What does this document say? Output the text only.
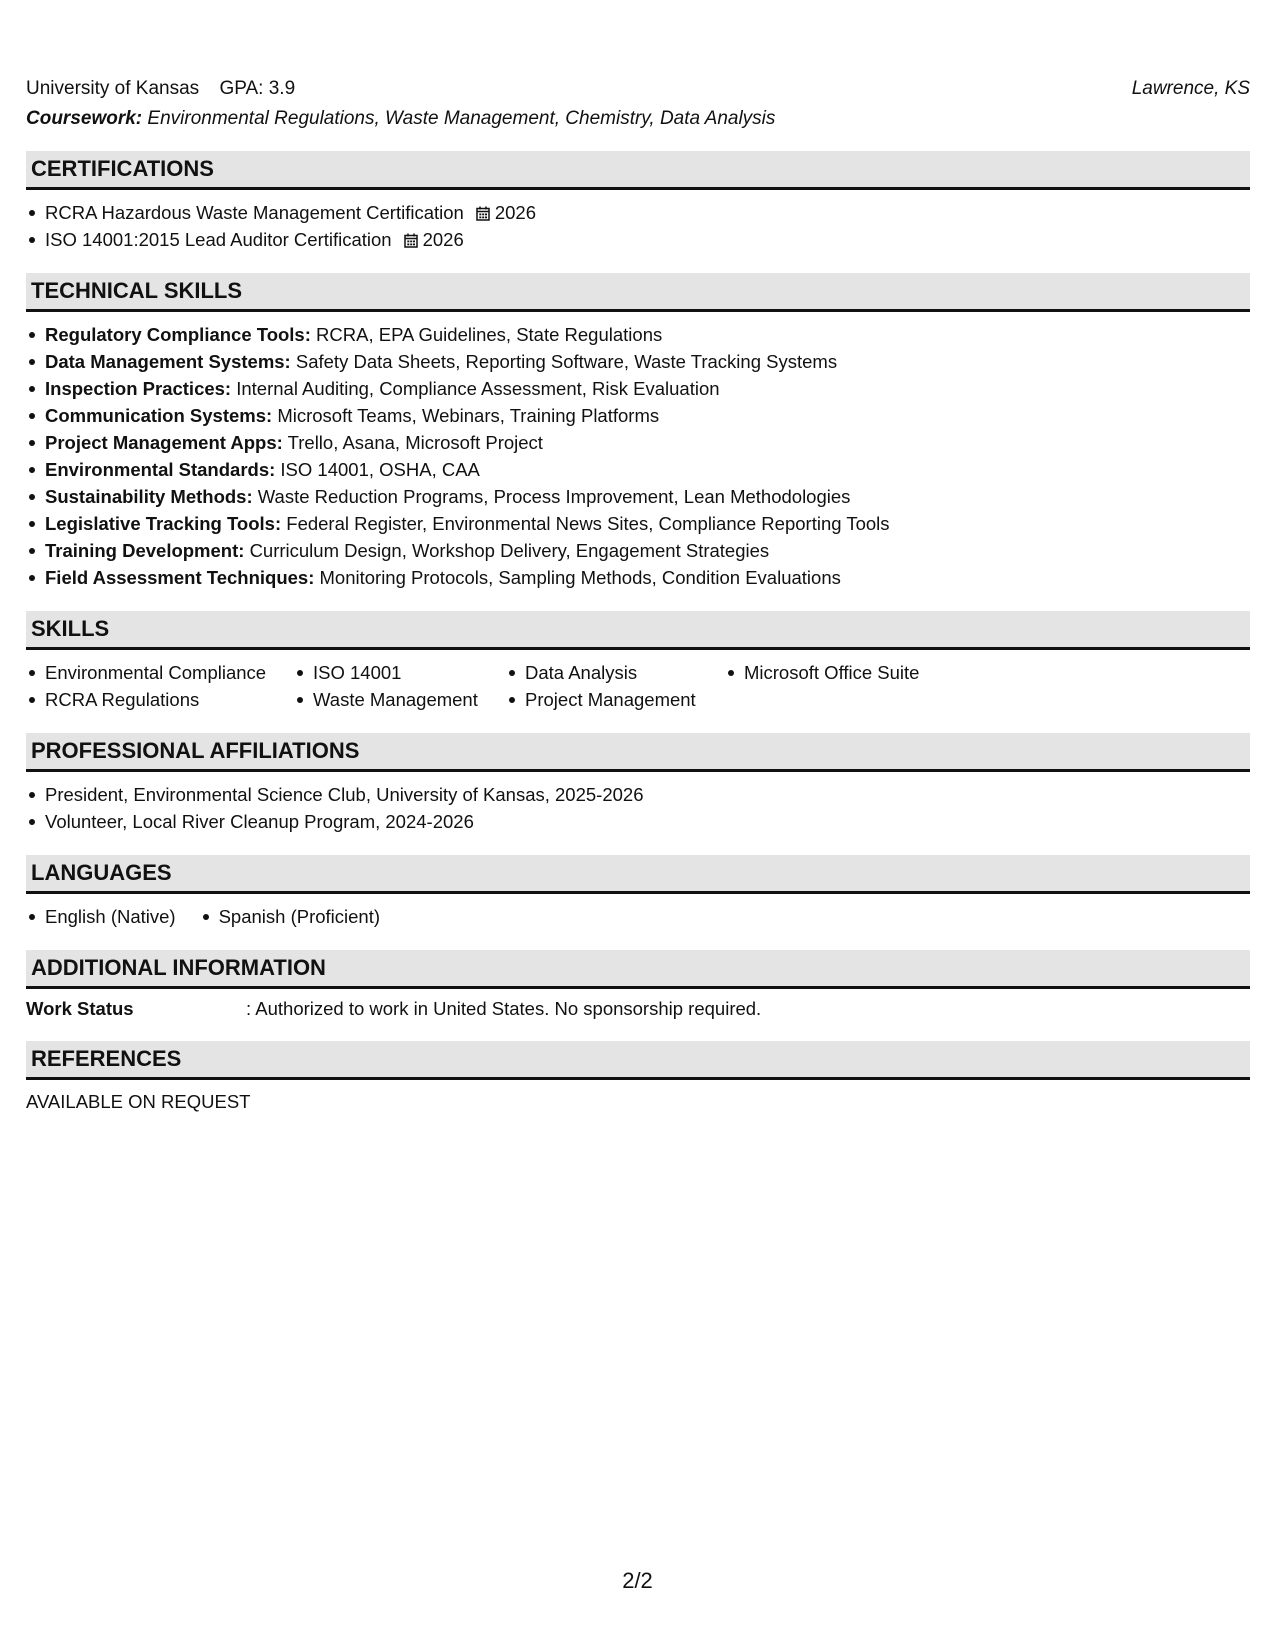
University of Kansas GPA: 3.9	Lawrence, KS
Coursework: Environmental Regulations, Waste Management, Chemistry, Data Analysis
CERTIFICATIONS
RCRA Hazardous Waste Management Certification 2026
ISO 14001:2015 Lead Auditor Certification 2026
TECHNICAL SKILLS
Regulatory Compliance Tools: RCRA, EPA Guidelines, State Regulations
Data Management Systems: Safety Data Sheets, Reporting Software, Waste Tracking Systems
Inspection Practices: Internal Auditing, Compliance Assessment, Risk Evaluation
Communication Systems: Microsoft Teams, Webinars, Training Platforms
Project Management Apps: Trello, Asana, Microsoft Project
Environmental Standards: ISO 14001, OSHA, CAA
Sustainability Methods: Waste Reduction Programs, Process Improvement, Lean Methodologies
Legislative Tracking Tools: Federal Register, Environmental News Sites, Compliance Reporting Tools
Training Development: Curriculum Design, Workshop Delivery, Engagement Strategies
Field Assessment Techniques: Monitoring Protocols, Sampling Methods, Condition Evaluations
SKILLS
Environmental Compliance	ISO 14001	Data Analysis	Microsoft Office Suite
RCRA Regulations	Waste Management	Project Management
PROFESSIONAL AFFILIATIONS
President, Environmental Science Club, University of Kansas, 2025-2026
Volunteer, Local River Cleanup Program, 2024-2026
LANGUAGES
English (Native)	Spanish (Proficient)
ADDITIONAL INFORMATION
Work Status	: Authorized to work in United States. No sponsorship required.
REFERENCES
AVAILABLE ON REQUEST
2/2
